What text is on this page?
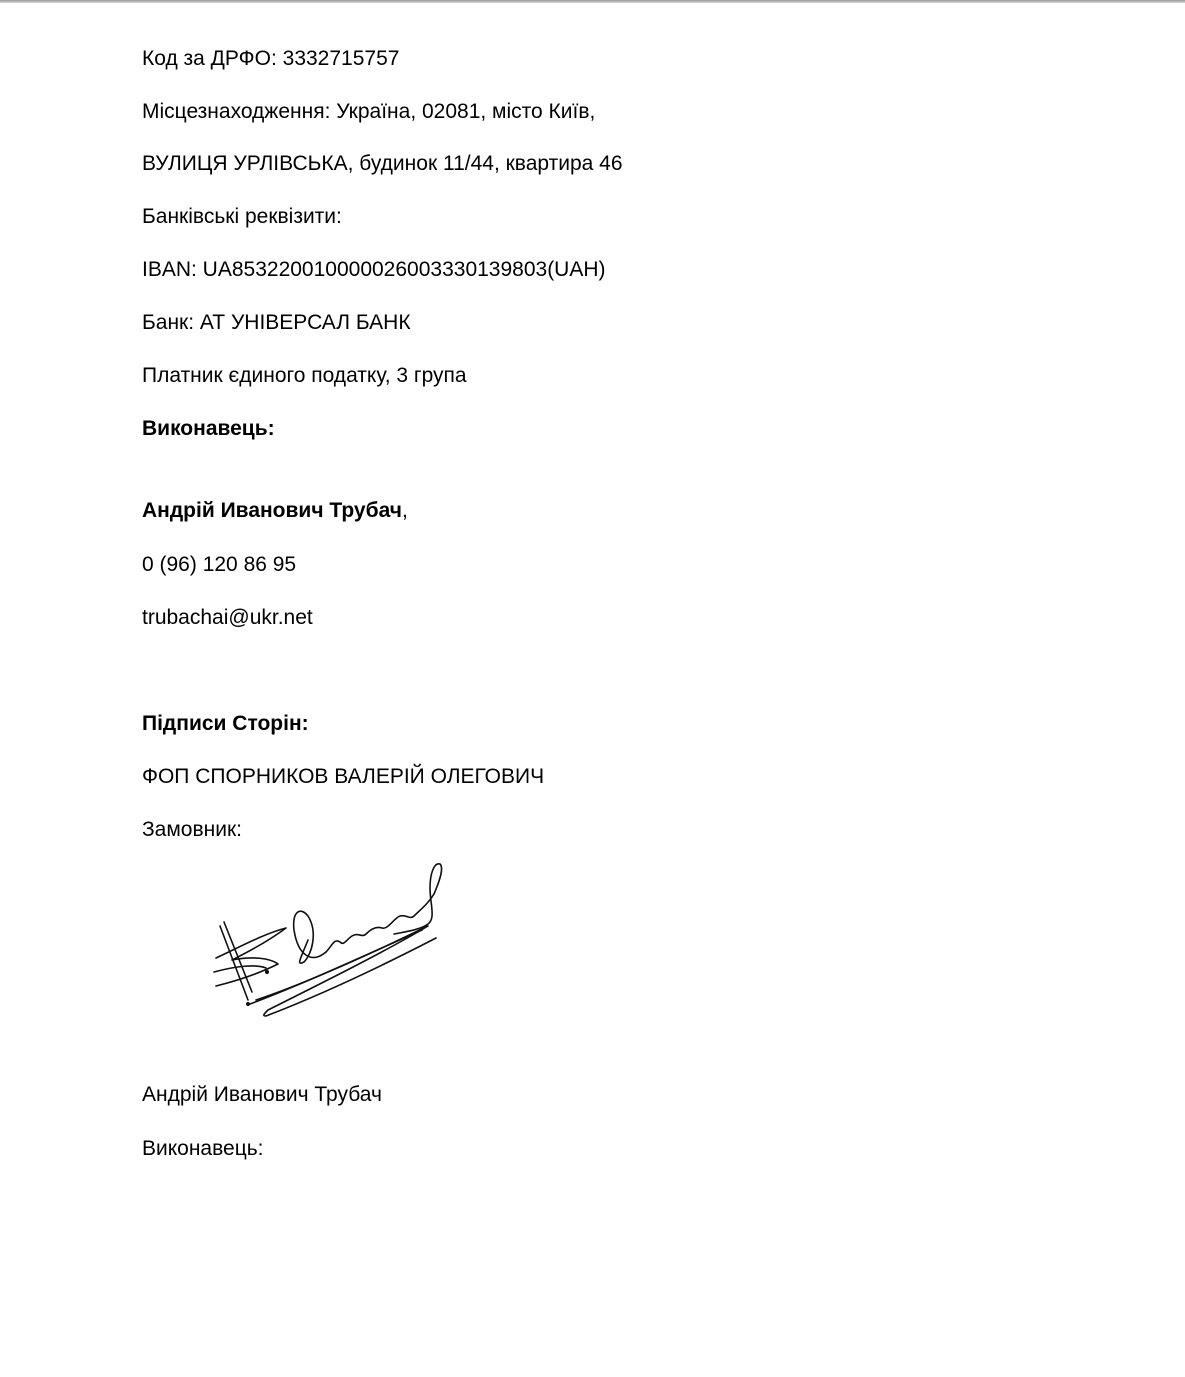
Код за ДРФО: 3332715757
Місцезнаходження: Україна, 02081, місто Київ,
ВУЛИЦЯ УРЛІВСЬКА, будинок 11/44, квартира 46
Банківські реквізити:
IBAN: UA853220010000026003330139803(UAH)
Банк: АТ УНІВЕРСАЛ БАНК
Платник єдиного податку, 3 група
Виконавець:
Андрій Иванович Трубач,
0 (96) 120 86 95
trubachai@ukr.net
Підписи Сторін:
ФОП СПОРНИКОВ ВАЛЕРІЙ ОЛЕГОВИЧ
Замовник:
Андрій Иванович Трубач
Виконавець:
